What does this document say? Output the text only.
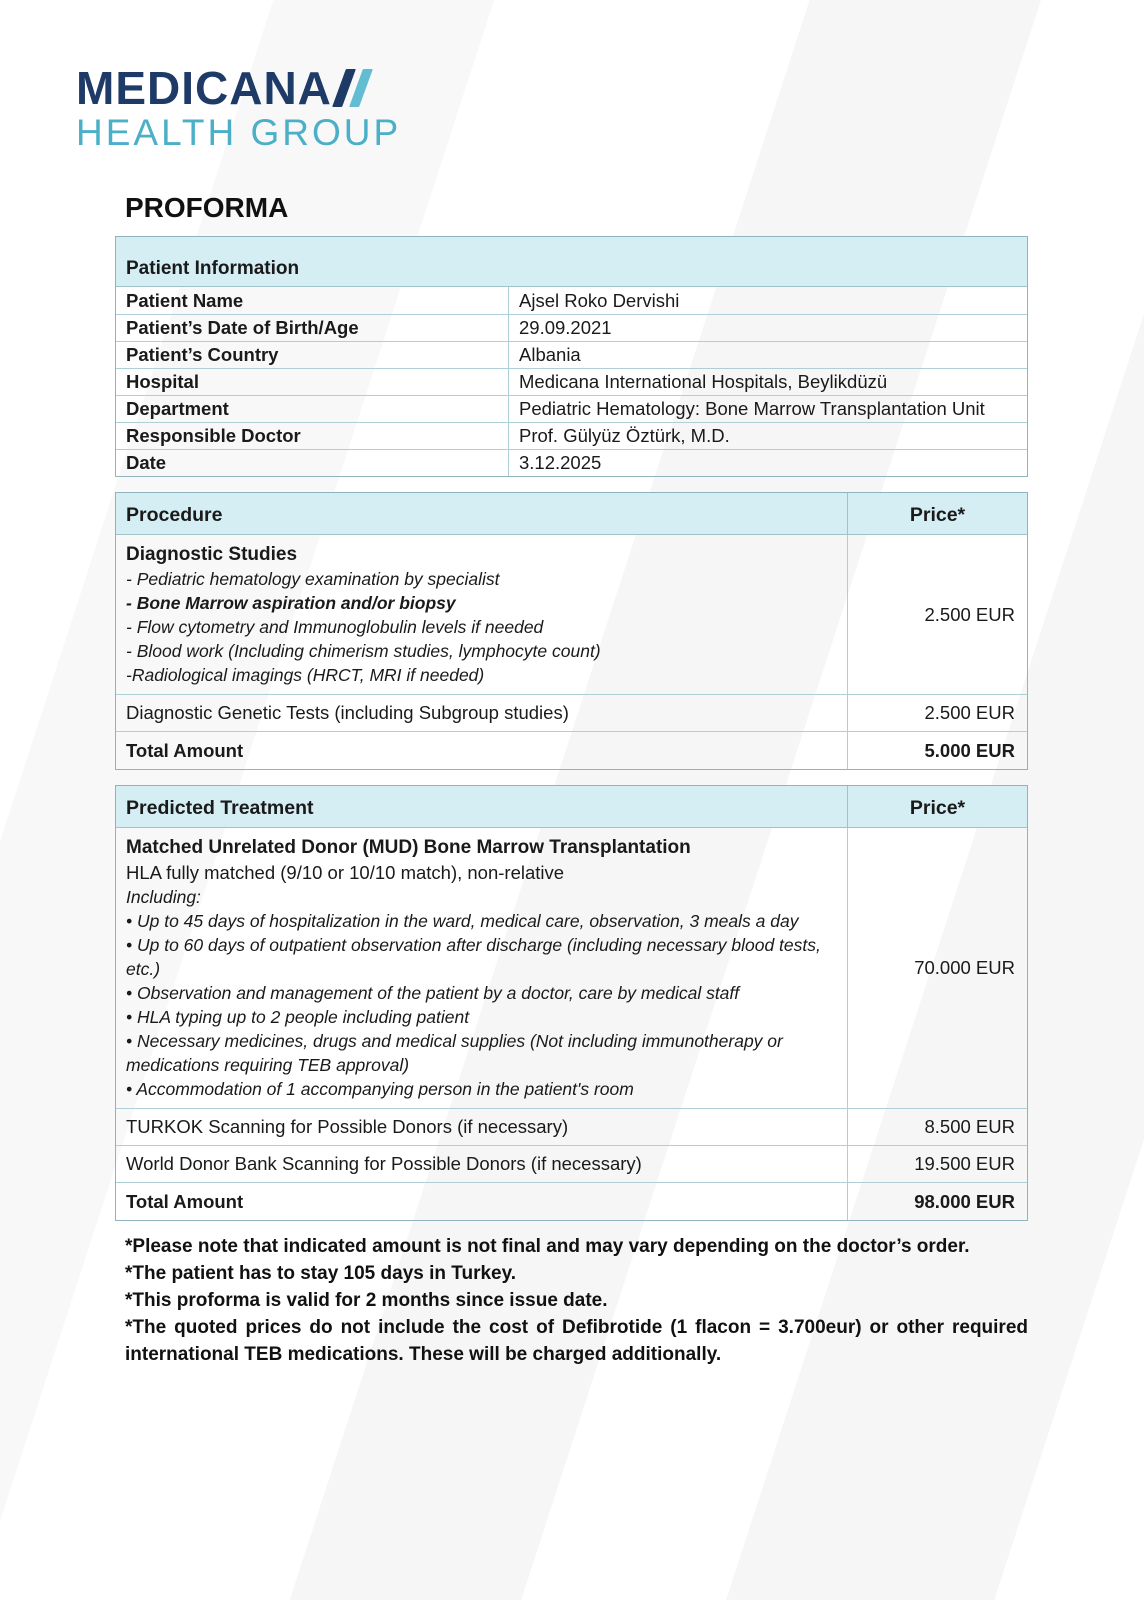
MEDICANA
HEALTH GROUP
PROFORMA
Patient Information
Patient Name	Ajsel Roko Dervishi
Patient’s Date of Birth/Age	29.09.2021
Patient’s Country	Albania
Hospital	Medicana International Hospitals, Beylikdüzü
Department	Pediatric Hematology: Bone Marrow Transplantation Unit
Responsible Doctor	Prof. Gülyüz Öztürk, M.D.
Date	3.12.2025
Procedure	Price*
Diagnostic Studies
- Pediatric hematology examination by specialist
- Bone Marrow aspiration and/or biopsy
- Flow cytometry and Immunoglobulin levels if needed
- Blood work (Including chimerism studies, lymphocyte count)
-Radiological imagings (HRCT, MRI if needed)
2.500 EUR
Diagnostic Genetic Tests (including Subgroup studies)	2.500 EUR
Total Amount	5.000 EUR
Predicted Treatment	Price*
Matched Unrelated Donor (MUD) Bone Marrow Transplantation
HLA fully matched (9/10 or 10/10 match), non-relative
Including:
• Up to 45 days of hospitalization in the ward, medical care, observation, 3 meals a day
• Up to 60 days of outpatient observation after discharge (including necessary blood tests, etc.)
• Observation and management of the patient by a doctor, care by medical staff
• HLA typing up to 2 people including patient
• Necessary medicines, drugs and medical supplies (Not including immunotherapy or medications requiring TEB approval)
• Accommodation of 1 accompanying person in the patient's room
70.000 EUR
TURKOK Scanning for Possible Donors (if necessary)	8.500 EUR
World Donor Bank Scanning for Possible Donors (if necessary)	19.500 EUR
Total Amount	98.000 EUR

*Please note that indicated amount is not final and may vary depending on the doctor’s order.

*The patient has to stay 105 days in Turkey.

*This proforma is valid for 2 months since issue date.

*The quoted prices do not include the cost of Defibrotide (1 flacon = 3.700eur) or other required international TEB medications. These will be charged additionally.
